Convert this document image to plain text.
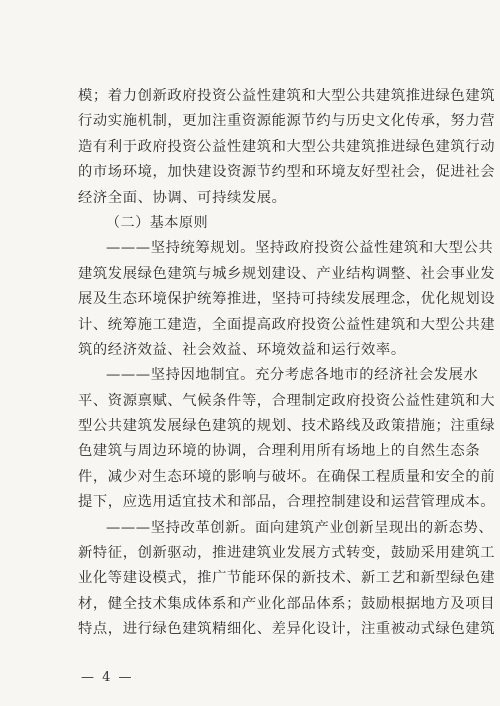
模；着力创新政府投资公益性建筑和大型公共建筑推进绿色建筑
行动实施机制，更加注重资源能源节约与历史文化传承，努力营
造有利于政府投资公益性建筑和大型公共建筑推进绿色建筑行动
的市场环境，加快建设资源节约型和环境友好型社会，促进社会
经济全面、协调、可持续发展。
（二）基本原则
———坚持统筹规划。坚持政府投资公益性建筑和大型公共
建筑发展绿色建筑与城乡规划建设、产业结构调整、社会事业发
展及生态环境保护统筹推进，坚持可持续发展理念，优化规划设
计、统筹施工建造，全面提高政府投资公益性建筑和大型公共建
筑的经济效益、社会效益、环境效益和运行效率。
———坚持因地制宜。充分考虑各地市的经济社会发展水
平、资源禀赋、气候条件等，合理制定政府投资公益性建筑和大
型公共建筑发展绿色建筑的规划、技术路线及政策措施；注重绿
色建筑与周边环境的协调，合理利用所有场地上的自然生态条
件，减少对生态环境的影响与破坏。在确保工程质量和安全的前
提下，应选用适宜技术和部品，合理控制建设和运营管理成本。
———坚持改革创新。面向建筑产业创新呈现出的新态势、
新特征，创新驱动，推进建筑业发展方式转变，鼓励采用建筑工
业化等建设模式，推广节能环保的新技术、新工艺和新型绿色建
材，健全技术集成体系和产业化部品体系；鼓励根据地方及项目
特点，进行绿色建筑精细化、差异化设计，注重被动式绿色建筑
— 4 —
